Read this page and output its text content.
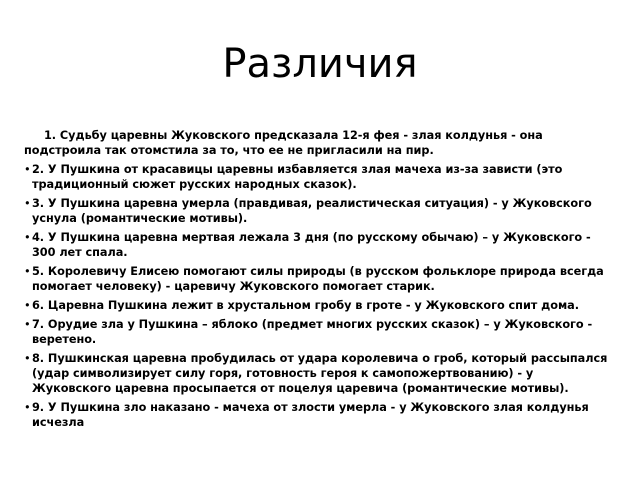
Различия
1. Судьбу царевны Жуковского предсказала 12-я фея - злая колдунья - она подстроила так отомстила за то, что ее не пригласили на пир.
•2. У Пушкина от красавицы царевны избавляется злая мачеха из-за зависти (это традиционный сюжет русских народных сказок).
•3. У Пушкина царевна умерла (правдивая, реалистическая ситуация) - у Жуковского уснула (романтические мотивы).
•4. У Пушкина царевна мертвая лежала 3 дня (по русскому обычаю) – у Жуковского - 300 лет спала.
•5. Королевичу Елисею помогают силы природы (в русском фольклоре природа всегда помогает человеку) - царевичу Жуковского помогает старик.
•6. Царевна Пушкина лежит в хрустальном гробу в гроте - у Жуковского спит дома.
•7. Орудие зла у Пушкина – яблоко (предмет многих русских сказок) – у Жуковского - веретено.
•8. Пушкинская царевна пробудилась от удара королевича о гроб, который рассыпался (удар символизирует силу горя, готовность героя к самопожертвованию) - у Жуковского царевна просыпается от поцелуя царевича (романтические мотивы).
•9. У Пушкина зло наказано - мачеха от злости умерла - у Жуковского злая колдунья исчезла
